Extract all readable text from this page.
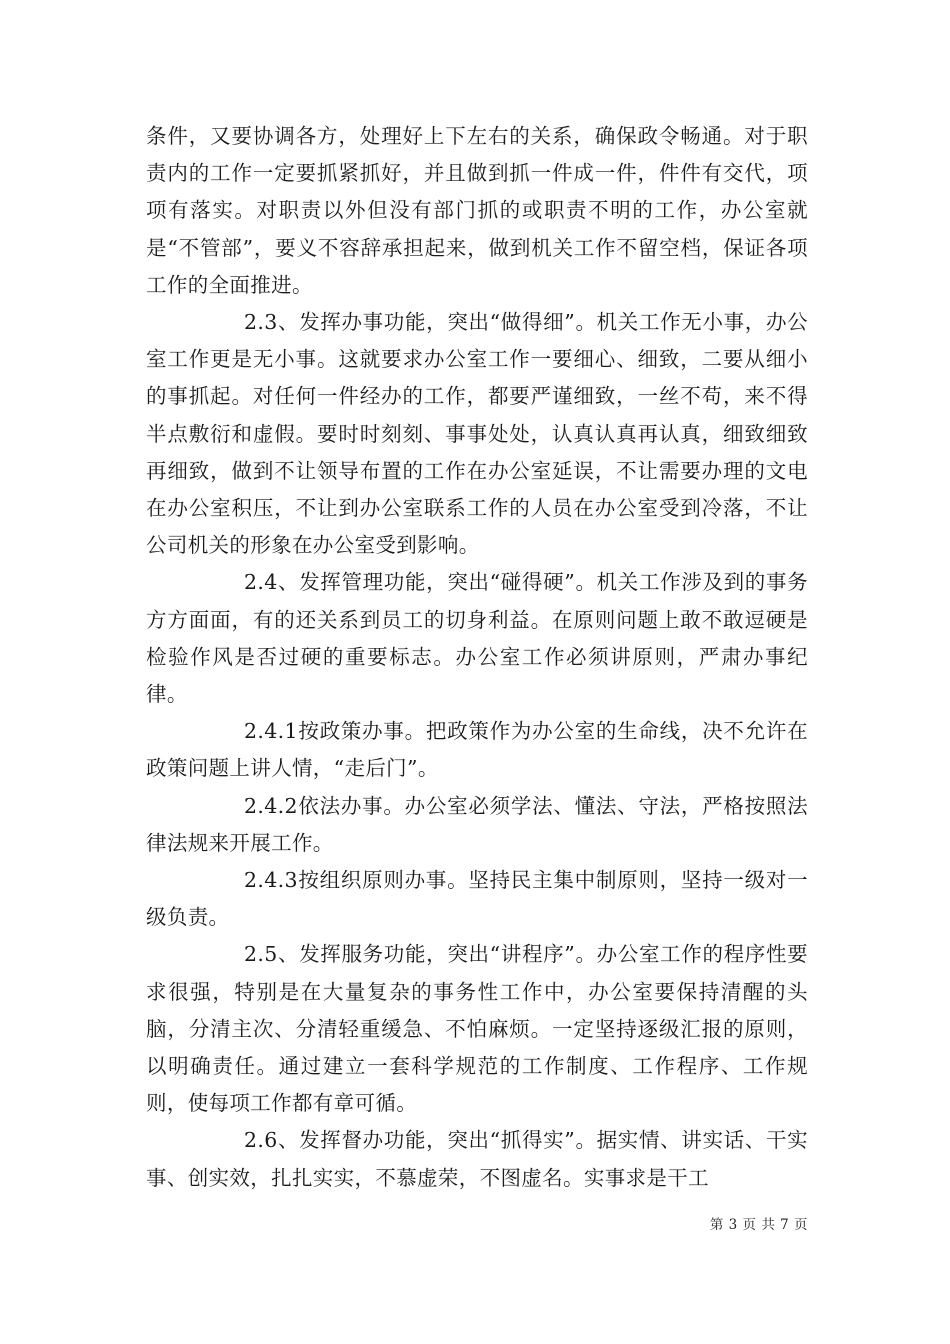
条件，又要协调各方，处理好上下左右的关系，确保政令畅通。对于职责内的工作一定要抓紧抓好，并且做到抓一件成一件，件件有交代，项项有落实。对职责以外但没有部门抓的或职责不明的工作，办公室就是“不管部”，要义不容辞承担起来，做到机关工作不留空档，保证各项工作的全面推进。

2.3、发挥办事功能，突出“做得细”。机关工作无小事，办公室工作更是无小事。这就要求办公室工作一要细心、细致，二要从细小的事抓起。对任何一件经办的工作，都要严谨细致，一丝不苟，来不得半点敷衍和虚假。要时时刻刻、事事处处，认真认真再认真，细致细致再细致，做到不让领导布置的工作在办公室延误，不让需要办理的文电在办公室积压，不让到办公室联系工作的人员在办公室受到冷落，不让公司机关的形象在办公室受到影响。

2.4、发挥管理功能，突出“碰得硬”。机关工作涉及到的事务方方面面，有的还关系到员工的切身利益。在原则问题上敢不敢逗硬是检验作风是否过硬的重要标志。办公室工作必须讲原则，严肃办事纪律。

2.4.1按政策办事。把政策作为办公室的生命线，决不允许在政策问题上讲人情，“走后门”。

2.4.2依法办事。办公室必须学法、懂法、守法，严格按照法律法规来开展工作。

2.4.3按组织原则办事。坚持民主集中制原则，坚持一级对一级负责。

2.5、发挥服务功能，突出“讲程序”。办公室工作的程序性要求很强，特别是在大量复杂的事务性工作中，办公室要保持清醒的头脑，分清主次、分清轻重缓急、不怕麻烦。一定坚持逐级汇报的原则，以明确责任。通过建立一套科学规范的工作制度、工作程序、工作规则，使每项工作都有章可循。

2.6、发挥督办功能，突出“抓得实”。据实情、讲实话、干实事、创实效，扎扎实实，不慕虚荣，不图虚名。实事求是干工

第 3 页 共 7 页
